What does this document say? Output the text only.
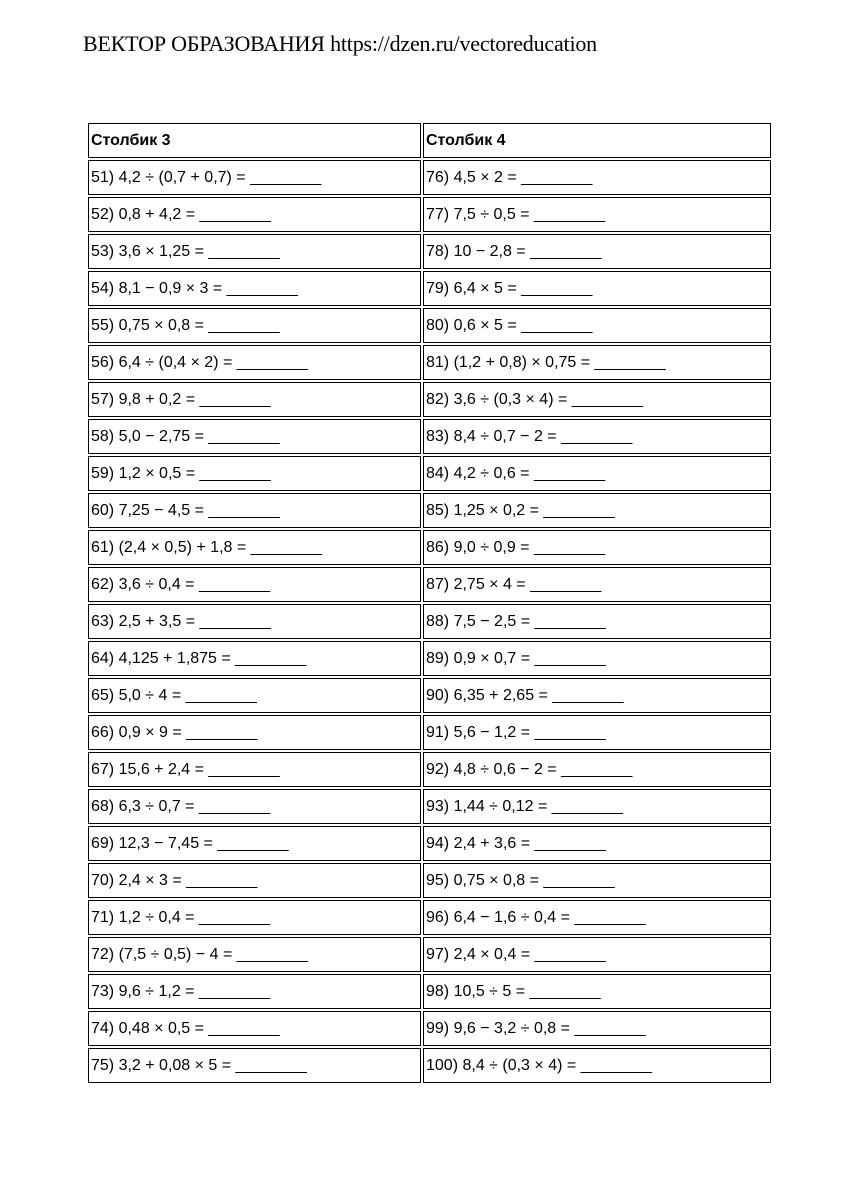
ВЕКТОР ОБРАЗОВАНИЯ https://dzen.ru/vectoreducation
Столбик 3	Столбик 4
51) 4,2 ÷ (0,7 + 0,7) = ________	76) 4,5 × 2 = ________
52) 0,8 + 4,2 = ________	77) 7,5 ÷ 0,5 = ________
53) 3,6 × 1,25 = ________	78) 10 − 2,8 = ________
54) 8,1 − 0,9 × 3 = ________	79) 6,4 × 5 = ________
55) 0,75 × 0,8 = ________	80) 0,6 × 5 = ________
56) 6,4 ÷ (0,4 × 2) = ________	81) (1,2 + 0,8) × 0,75 = ________
57) 9,8 + 0,2 = ________	82) 3,6 ÷ (0,3 × 4) = ________
58) 5,0 − 2,75 = ________	83) 8,4 ÷ 0,7 − 2 = ________
59) 1,2 × 0,5 = ________	84) 4,2 ÷ 0,6 = ________
60) 7,25 − 4,5 = ________	85) 1,25 × 0,2 = ________
61) (2,4 × 0,5) + 1,8 = ________	86) 9,0 ÷ 0,9 = ________
62) 3,6 ÷ 0,4 = ________	87) 2,75 × 4 = ________
63) 2,5 + 3,5 = ________	88) 7,5 − 2,5 = ________
64) 4,125 + 1,875 = ________	89) 0,9 × 0,7 = ________
65) 5,0 ÷ 4 = ________	90) 6,35 + 2,65 = ________
66) 0,9 × 9 = ________	91) 5,6 − 1,2 = ________
67) 15,6 + 2,4 = ________	92) 4,8 ÷ 0,6 − 2 = ________
68) 6,3 ÷ 0,7 = ________	93) 1,44 ÷ 0,12 = ________
69) 12,3 − 7,45 = ________	94) 2,4 + 3,6 = ________
70) 2,4 × 3 = ________	95) 0,75 × 0,8 = ________
71) 1,2 ÷ 0,4 = ________	96) 6,4 − 1,6 ÷ 0,4 = ________
72) (7,5 ÷ 0,5) − 4 = ________	97) 2,4 × 0,4 = ________
73) 9,6 ÷ 1,2 = ________	98) 10,5 ÷ 5 = ________
74) 0,48 × 0,5 = ________	99) 9,6 − 3,2 ÷ 0,8 = ________
75) 3,2 + 0,08 × 5 = ________	100) 8,4 ÷ (0,3 × 4) = ________
